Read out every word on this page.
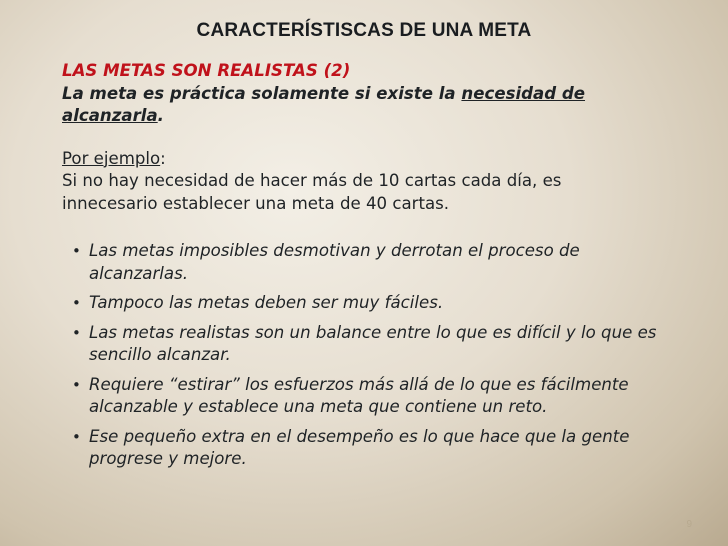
CARACTERÍSTISCAS DE UNA META
LAS METAS SON REALISTAS (2)
La meta es práctica solamente si existe la necesidad de alcanzarla.
Por ejemplo:
Si no hay necesidad de hacer más de 10 cartas cada día, es innecesario establecer una meta de 40 cartas.
• Las metas imposibles desmotivan y derrotan el proceso de alcanzarlas.
• Tampoco las metas deben ser muy fáciles.
• Las metas realistas son un balance entre lo que es difícil y lo que es sencillo alcanzar.
• Requiere “estirar” los esfuerzos más allá de lo que es fácilmente alcanzable y establece una meta que contiene un reto.
• Ese pequeño extra en el desempeño es lo que hace que la gente progrese y mejore.
9
